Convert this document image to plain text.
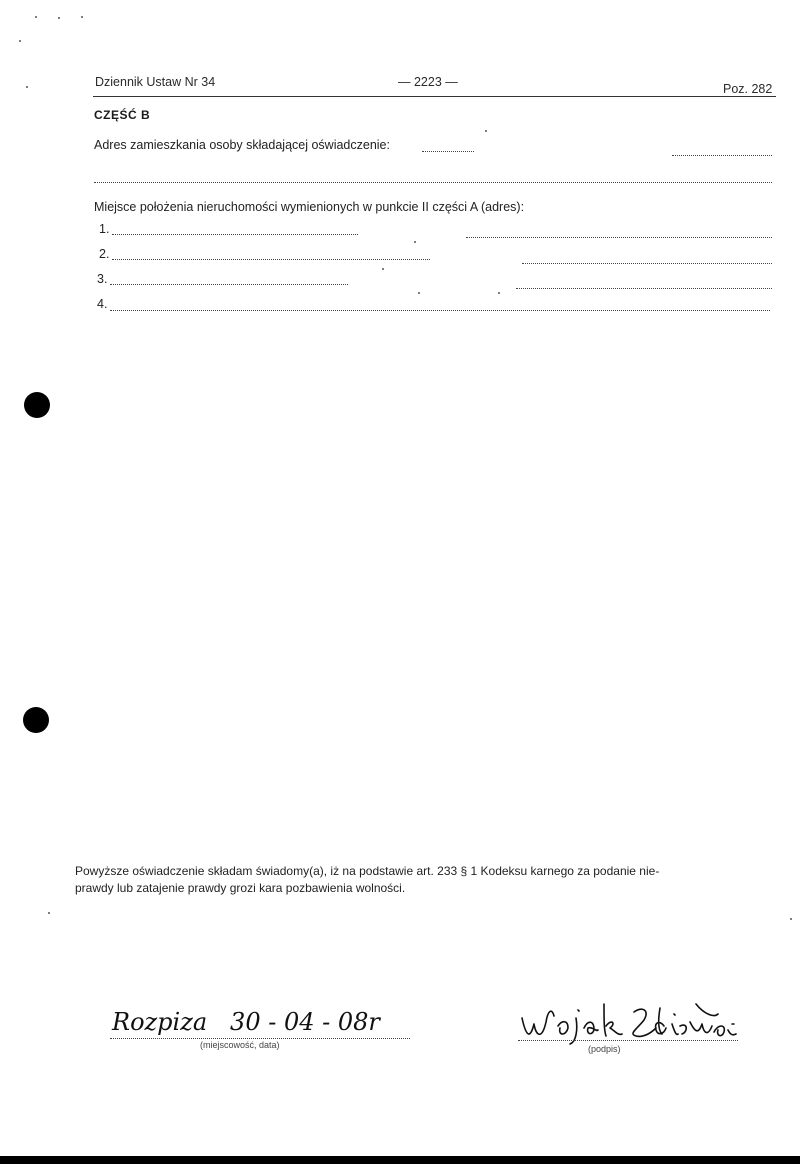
Dziennik Ustaw Nr 34	— 2223 —	Poz. 282
CZĘŚĆ B
Adres zamieszkania osoby składającej oświadczenie:
Miejsce położenia nieruchomości wymienionych w punkcie II części A (adres):
1.
2.
3.
4.
Powyższe oświadczenie składam świadomy(a), iż na podstawie art. 233 § 1 Kodeksu karnego za podanie nie-
prawdy lub zatajenie prawdy grozi kara pozbawienia wolności.
Rozpiza   30 - 04 - 08r
(miejscowość, data)	(podpis)
